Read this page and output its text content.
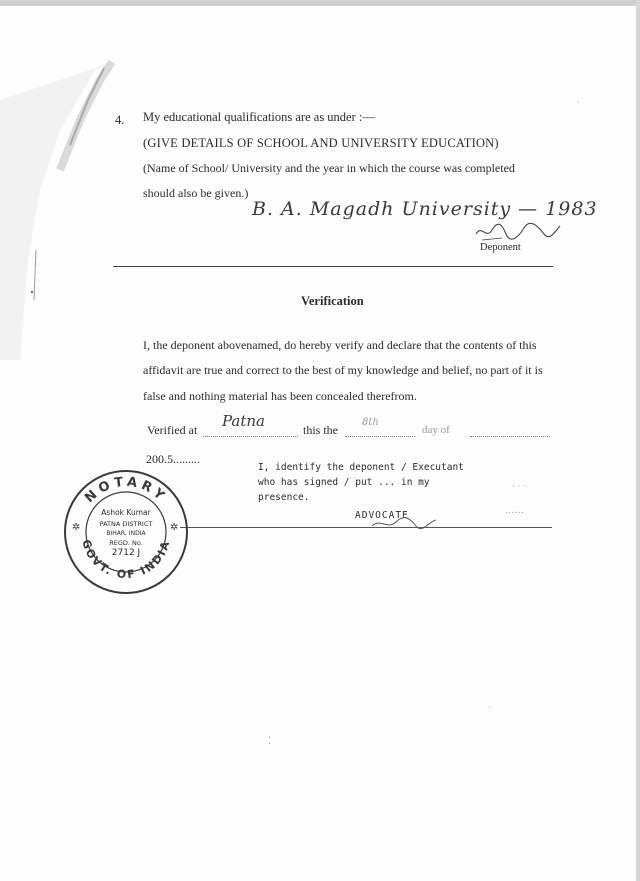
4. My educational qualifications are as under :—
(GIVE DETAILS OF SCHOOL AND UNIVERSITY EDUCATION)
(Name of School/ University and the year in which the course was completed
should also be given.)
B. A. Magadh University — 1983
Deponent
Verification
I, the deponent abovenamed, do hereby verify and declare that the contents of this
affidavit are true and correct to the best of my knowledge and belief, no part of it is
false and nothing material has been concealed therefrom.
Verified at Patna	this the
8th
day of
200.5.........
I, identify the deponent / Executant
who has signed / put ... in my
presence.
ADVOCATE
· · ·
‥‥‥
NOTARY
GOVT. OF INDIA
✲	✲
Ashok Kumar
PATNA DISTRICT
BIHAR, INDIA
REGD. No.
2712 J
⁚
·
ˈ
